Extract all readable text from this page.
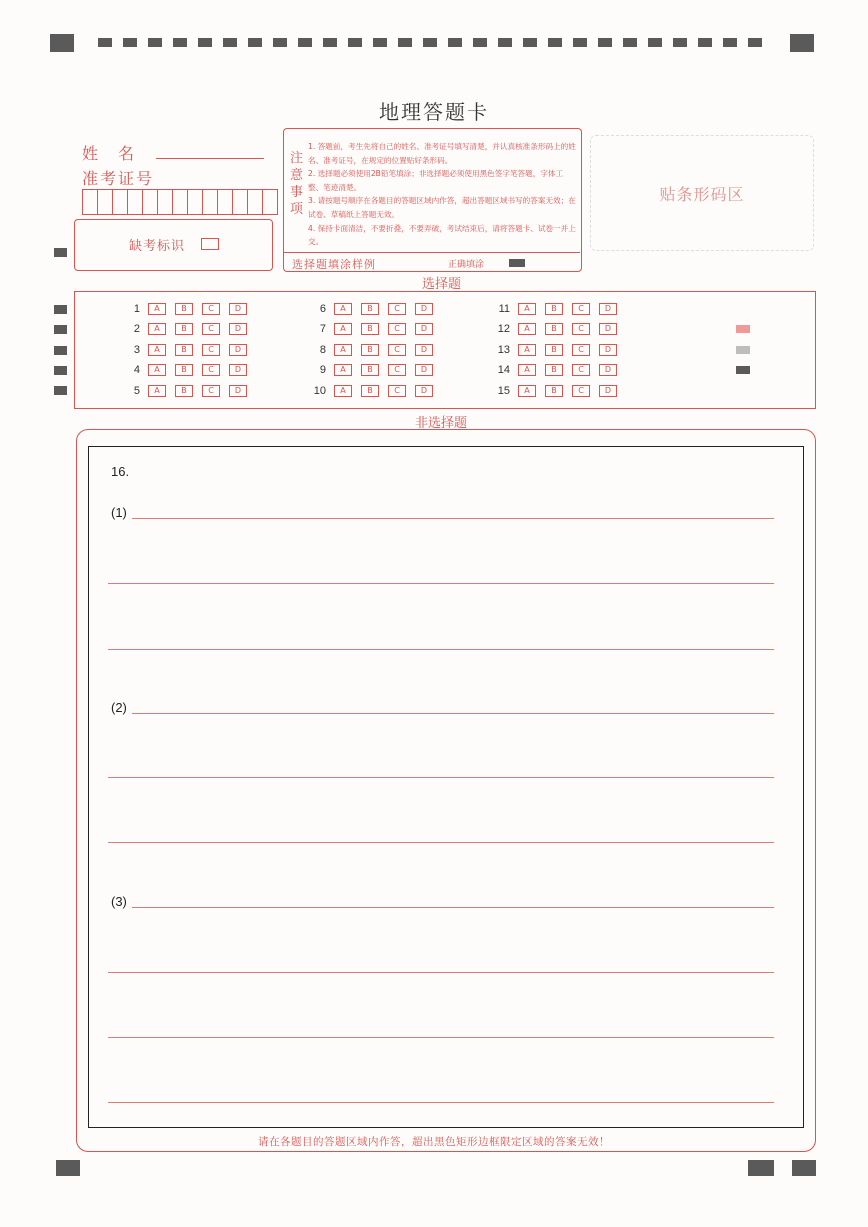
地理答题卡
姓　名
准考证号
缺考标识
注
意
事
项

1. 答题前，考生先将自己的姓名、准考证号填写清楚，并认真核准条形码上的姓名、准考证号，在规定的位置贴好条形码。

2. 选择题必须使用2B铅笔填涂；非选择题必须使用黑色签字笔答题，字体工整、笔迹清楚。

3. 请按题号顺序在各题目的答题区域内作答，超出答题区域书写的答案无效；在试卷、草稿纸上答题无效。

4. 保持卡面清洁，不要折叠，不要弄破，考试结束后，请将答题卡、试卷一并上交。

选择题填涂样例	正确填涂
贴条形码区
选择题
1	A	B	C	D
2	A	B	C	D
3	A	B	C	D
4	A	B	C	D
5	A	B	C	D
6	A	B	C	D
7	A	B	C	D
8	A	B	C	D
9	A	B	C	D
10	A	B	C	D
11	A	B	C	D
12	A	B	C	D
13	A	B	C	D
14	A	B	C	D
15	A	B	C	D
非选择题
16.
(1)
(2)
(3)
请在各题目的答题区域内作答，超出黑色矩形边框限定区域的答案无效！
